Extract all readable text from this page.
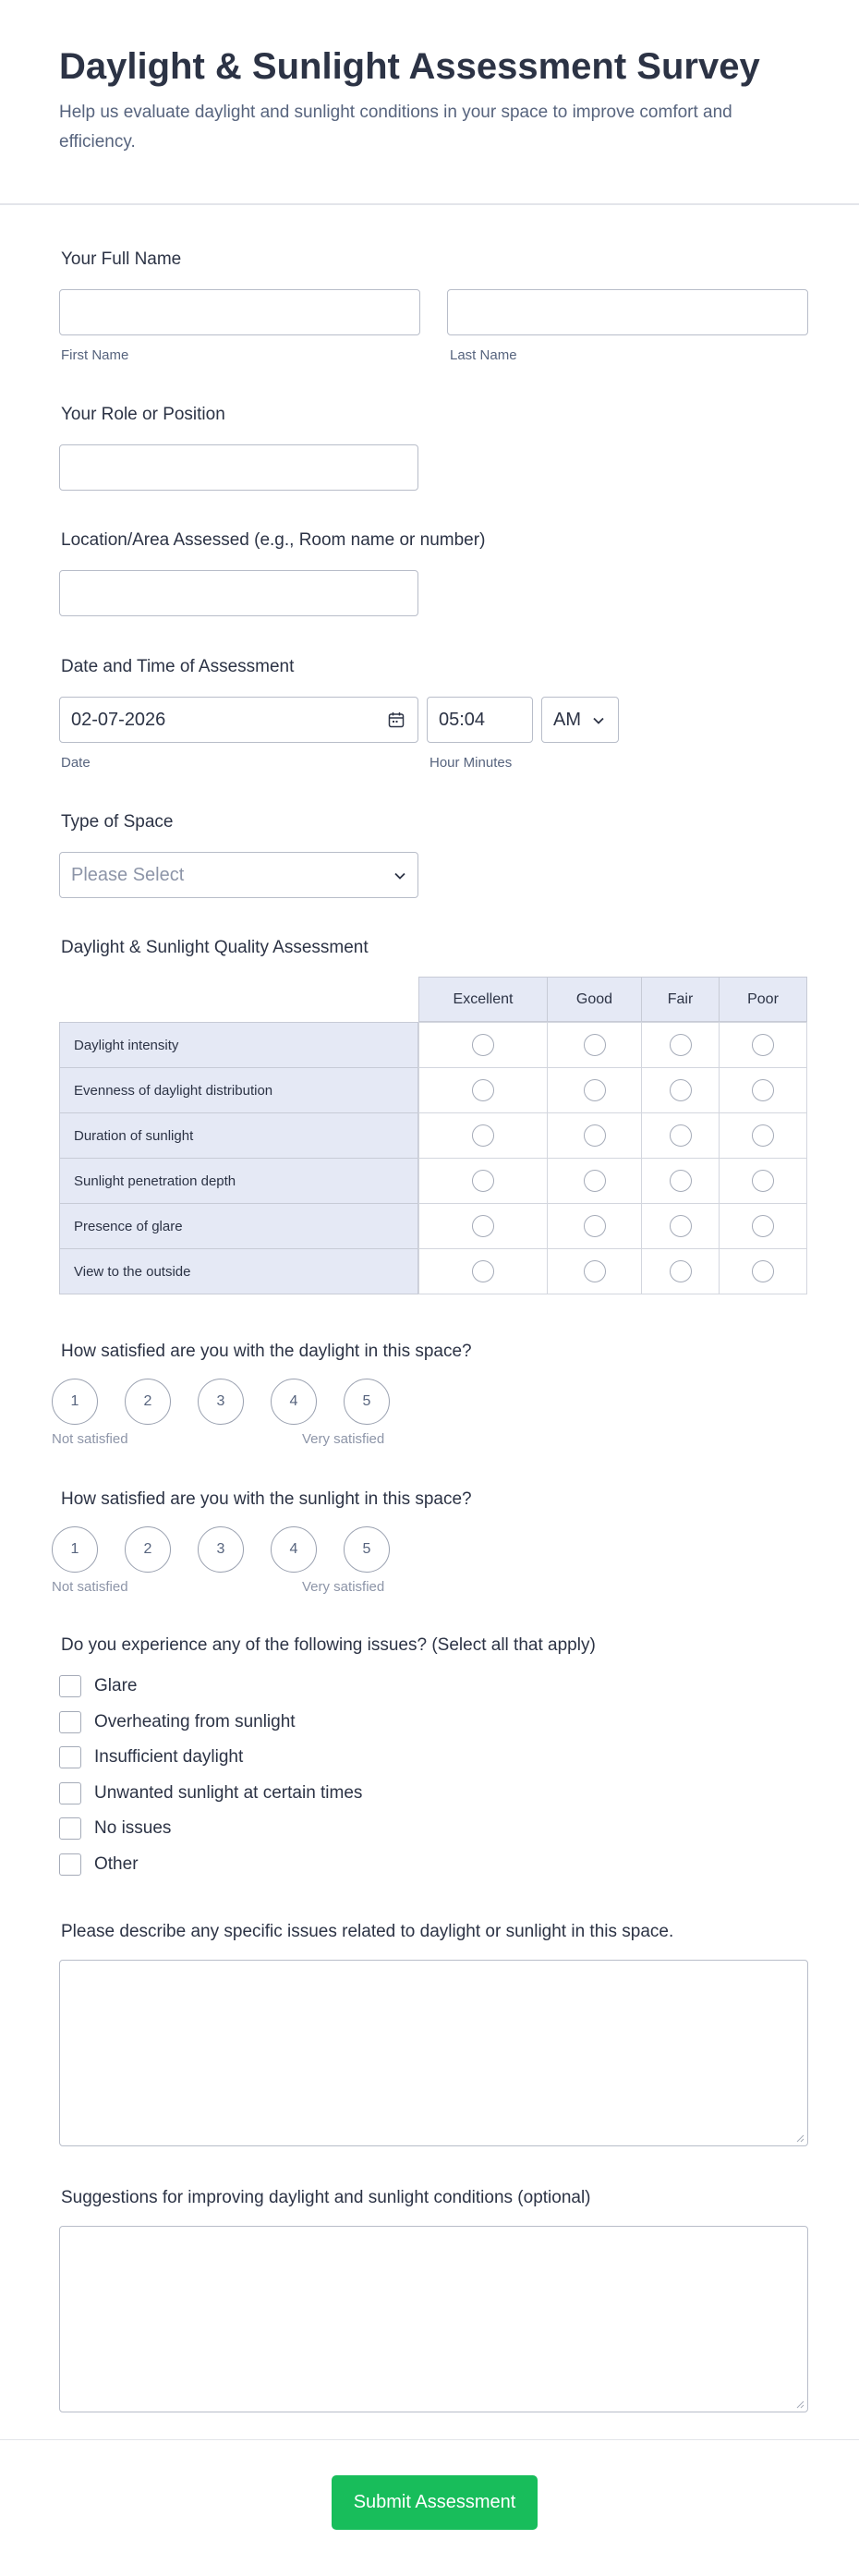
Daylight & Sunlight Assessment Survey
Help us evaluate daylight and sunlight conditions in your space to improve comfort and efficiency.
Your Full Name
First Name	Last Name
Your Role or Position
Location/Area Assessed (e.g., Room name or number)
Date and Time of Assessment
02-07-2026	05:04	AM
Date	Hour Minutes
Type of Space
Please Select
Daylight & Sunlight Quality Assessment
Excellent	Good	Fair	Poor
Daylight intensity
Evenness of daylight distribution
Duration of sunlight
Sunlight penetration depth
Presence of glare
View to the outside
How satisfied are you with the daylight in this space?
1	2	3	4	5
Not satisfied	Very satisfied
How satisfied are you with the sunlight in this space?
1	2	3	4	5
Not satisfied	Very satisfied
Do you experience any of the following issues? (Select all that apply)
Glare
Overheating from sunlight
Insufficient daylight
Unwanted sunlight at certain times
No issues
Other
Please describe any specific issues related to daylight or sunlight in this space.
Suggestions for improving daylight and sunlight conditions (optional)
Submit Assessment
